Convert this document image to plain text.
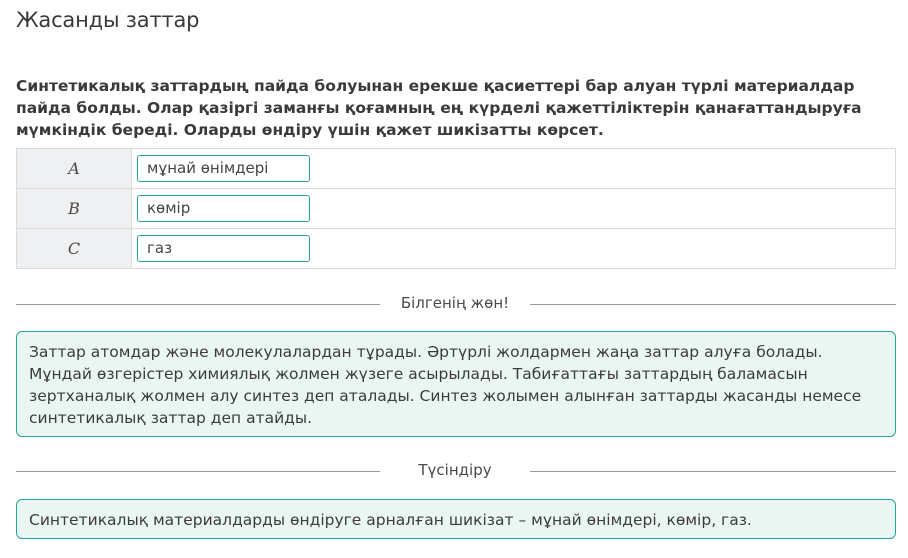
Жасанды заттар

Синтетикалық заттардың пайда болуынан ерекше қасиеттері бар алуан түрлі материалдар пайда болды. Олар қазіргі заманғы қоғамның ең күрделі қажеттіліктерін қанағаттандыруға мүмкіндік береді. Оларды өндіру үшін қажет шикізатты көрсет.

A	мұнай өнімдері
B	көмір
C	газ
Білгенің жөн!

Заттар атомдар және молекулалардан тұрады. Әртүрлі жолдармен жаңа заттар алуға болады. Мұндай өзгерістер химиялық жолмен жүзеге асырылады. Табиғаттағы заттардың баламасын зертханалық жолмен алу синтез деп аталады. Синтез жолымен алынған заттарды жасанды немесе синтетикалық заттар деп атайды.

Түсіндіру

Синтетикалық материалдарды өндіруге арналған шикізат – мұнай өнімдері, көмір, газ.
